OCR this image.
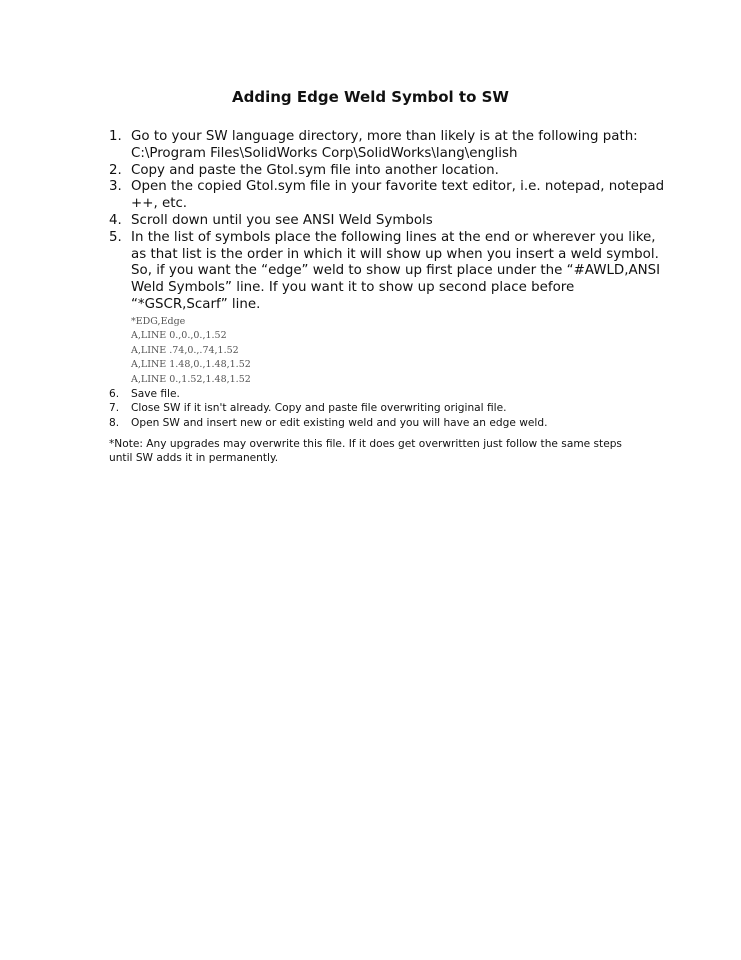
Adding Edge Weld Symbol to SW
1. Go to your SW language directory, more than likely is at the following path:
C:\Program Files\SolidWorks Corp\SolidWorks\lang\english
2. Copy and paste the Gtol.sym file into another location.
3. Open the copied Gtol.sym file in your favorite text editor, i.e. notepad, notepad
++, etc.
4. Scroll down until you see ANSI Weld Symbols
5. In the list of symbols place the following lines at the end or wherever you like,
as that list is the order in which it will show up when you insert a weld symbol.
So, if you want the “edge” weld to show up first place under the “#AWLD,ANSI
Weld Symbols” line. If you want it to show up second place before
“*GSCR,Scarf” line.
*EDG,Edge
A,LINE 0.,0.,0.,1.52
A,LINE .74,0.,.74,1.52
A,LINE 1.48,0.,1.48,1.52
A,LINE 0.,1.52,1.48,1.52
6. Save file.
7. Close SW if it isn't already. Copy and paste file overwriting original file.
8. Open SW and insert new or edit existing weld and you will have an edge weld.
*Note: Any upgrades may overwrite this file. If it does get overwritten just follow the same steps
until SW adds it in permanently.
